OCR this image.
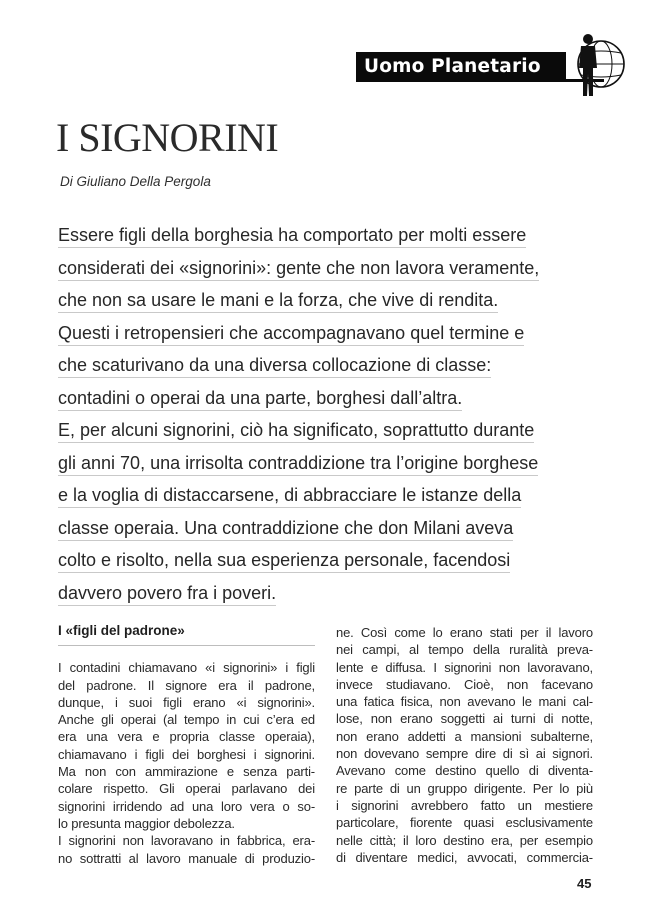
Uomo Planetario
I SIGNORINI
Di Giuliano Della Pergola
Essere figli della borghesia ha comportato per molti essere
considerati dei «signorini»: gente che non lavora veramente,
che non sa usare le mani e la forza, che vive di rendita.
Questi i retropensieri che accompagnavano quel termine e
che scaturivano da una diversa collocazione di classe:
contadini o operai da una parte, borghesi dall’altra.
E, per alcuni signorini, ciò ha significato, soprattutto durante
gli anni 70, una irrisolta contraddizione tra l’origine borghese
e la voglia di distaccarsene, di abbracciare le istanze della
classe operaia. Una contraddizione che don Milani aveva
colto e risolto, nella sua esperienza personale, facendosi
davvero povero fra i poveri.
I «figli del padrone»
I contadini chiamavano «i signorini» i figli
del padrone. Il signore era il padrone,
dunque, i suoi figli erano «i signorini».
Anche gli operai (al tempo in cui c’era ed
era una vera e propria classe operaia),
chiamavano i figli dei borghesi i signorini.
Ma non con ammirazione e senza parti-
colare rispetto. Gli operai parlavano dei
signorini irridendo ad una loro vera o so-
lo presunta maggior debolezza.
I signorini non lavoravano in fabbrica, era-
no sottratti al lavoro manuale di produzio-
ne. Così come lo erano stati per il lavoro
nei campi, al tempo della ruralità preva-
lente e diffusa. I signorini non lavoravano,
invece studiavano. Cioè, non facevano
una fatica fisica, non avevano le mani cal-
lose, non erano soggetti ai turni di notte,
non erano addetti a mansioni subalterne,
non dovevano sempre dire di sì ai signori.
Avevano come destino quello di diventa-
re parte di un gruppo dirigente. Per lo più
i signorini avrebbero fatto un mestiere
particolare, fiorente quasi esclusivamente
nelle città; il loro destino era, per esempio
di diventare medici, avvocati, commercia-
45
